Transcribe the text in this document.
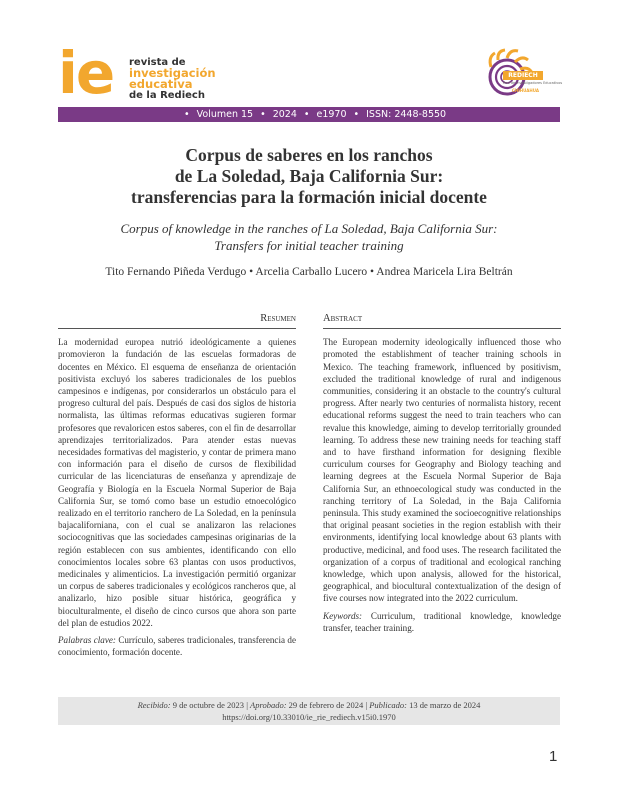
ie revista de
investigación
educativa
de la Rediech
REDIECH
Red de Investigadores Educativos
CHIHUAHUA
• Volumen 15 • 2024 • e1970 • ISSN: 2448-8550
Corpus de saberes en los ranchos
de La Soledad, Baja California Sur:
transferencias para la formación inicial docente
Corpus of knowledge in the ranches of La Soledad, Baja California Sur:
Transfers for initial teacher training
Tito Fernando Piñeda Verdugo • Arcelia Carballo Lucero • Andrea Maricela Lira Beltrán
Resumen

La modernidad europea nutrió ideológicamente a quienes promovieron la fundación de las escuelas formadoras de docentes en México. El esquema de enseñanza de orientación positivista excluyó los saberes tradicionales de los pueblos campesinos e indígenas, por considerarlos un obstáculo para el progreso cultural del país. Después de casi dos siglos de historia normalista, las últimas reformas educativas sugieren formar profesores que revaloricen estos saberes, con el fin de desarrollar aprendizajes territorializados. Para atender estas nuevas necesidades formativas del magisterio, y contar de primera mano con información para el diseño de cursos de flexibilidad curricular de las licenciaturas de enseñanza y aprendizaje de Geografía y Biología en la Escuela Normal Superior de Baja California Sur, se tomó como base un estudio etnoecológico realizado en el territorio ranchero de La Soledad, en la península bajacaliforniana, con el cual se analizaron las relaciones sociocognitivas que las sociedades campesinas originarias de la región establecen con sus ambientes, identificando con ello conocimientos locales sobre 63 plantas con usos productivos, medicinales y alimenticios. La investigación permitió organizar un corpus de saberes tradicionales y ecológicos rancheros que, al analizarlo, hizo posible situar histórica, geográfica y bioculturalmente, el diseño de cinco cursos que ahora son parte del plan de estudios 2022.

Palabras clave: Currículo, saberes tradicionales, transferencia de conocimiento, formación docente.

Abstract

The European modernity ideologically influenced those who promoted the establishment of teacher training schools in Mexico. The teaching framework, influenced by positivism, excluded the traditional knowledge of rural and indigenous communities, considering it an obstacle to the country's cultural progress. After nearly two centuries of normalista history, recent educational reforms suggest the need to train teachers who can revalue this knowledge, aiming to develop territorially grounded learning. To address these new training needs for teaching staff and to have firsthand information for designing flexible curriculum courses for Geography and Biology teaching and learning degrees at the Escuela Normal Superior de Baja California Sur, an ethnoecological study was conducted in the ranching territory of La Soledad, in the Baja California peninsula. This study examined the socioecognitive relationships that original peasant societies in the region establish with their environments, identifying local knowledge about 63 plants with productive, medicinal, and food uses. The research facilitated the organization of a corpus of traditional and ecological ranching knowledge, which upon analysis, allowed for the historical, geographical, and biocultural contextualization of the design of five courses now integrated into the 2022 curriculum.

Keywords: Curriculum, traditional knowledge, knowledge transfer, teacher training.

Recibido: 9 de octubre de 2023 | Aprobado: 29 de febrero de 2024 | Publicado: 13 de marzo de 2024
https://doi.org/10.33010/ie_rie_rediech.v15i0.1970
1
